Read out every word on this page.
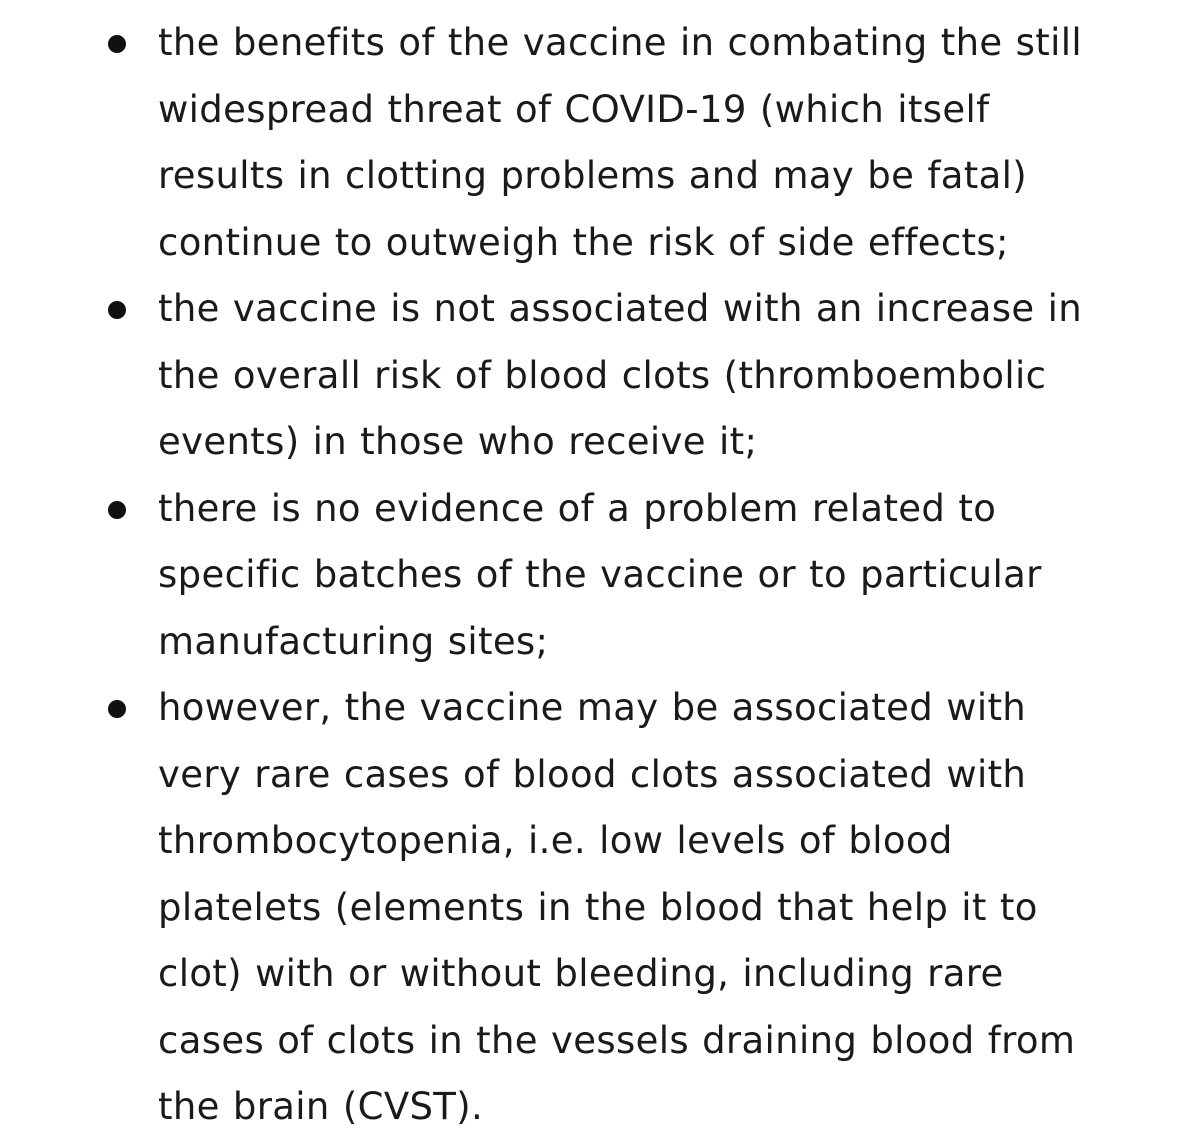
the benefits of the vaccine in combating the still
widespread threat of COVID-19 (which itself
results in clotting problems and may be fatal)
continue to outweigh the risk of side effects;
the vaccine is not associated with an increase in
the overall risk of blood clots (thromboembolic
events) in those who receive it;
there is no evidence of a problem related to
specific batches of the vaccine or to particular
manufacturing sites;
however, the vaccine may be associated with
very rare cases of blood clots associated with
thrombocytopenia, i.e. low levels of blood
platelets (elements in the blood that help it to
clot) with or without bleeding, including rare
cases of clots in the vessels draining blood from
the brain (CVST).
